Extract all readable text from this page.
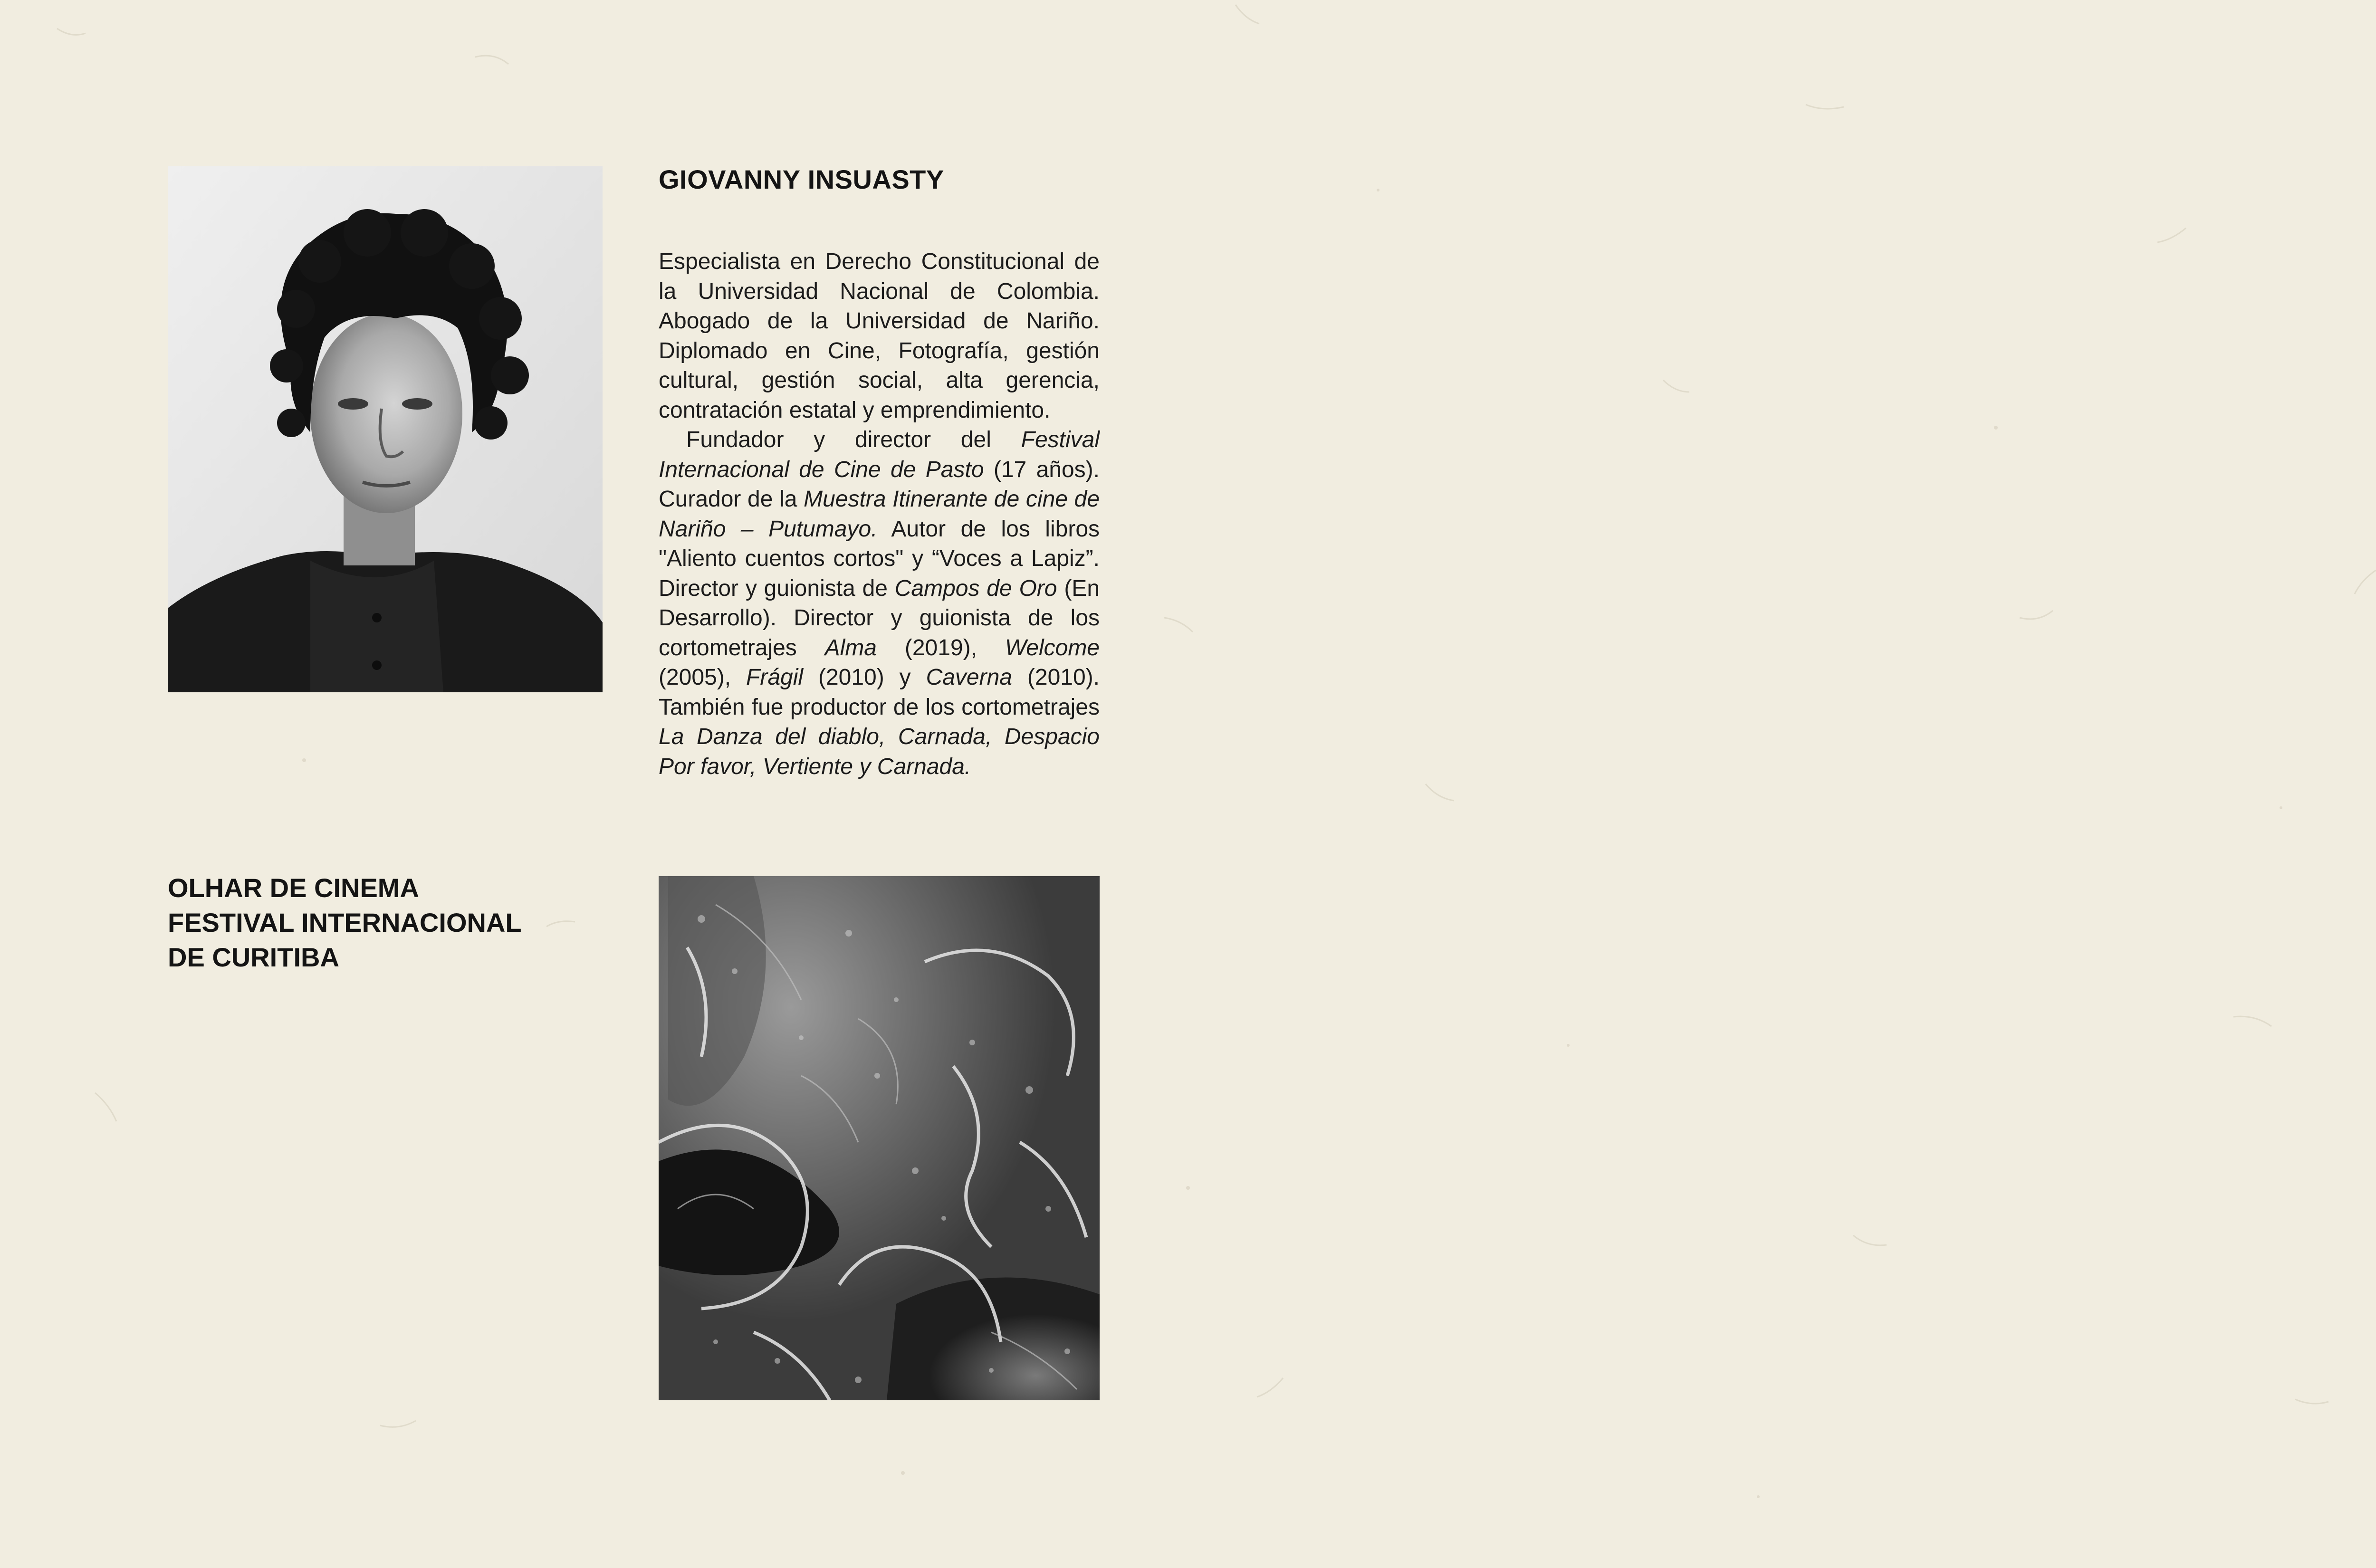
GIOVANNY INSUASTY

Especialista en Derecho Constitucional de la Universidad Nacional de Colombia. Abogado de la Universidad de Nariño. Diplomado en Cine, Fotografía, gestión cultural, gestión social, alta gerencia, contratación estatal y emprendimiento.

Fundador y director del Festival Internacional de Cine de Pasto (17 años). Curador de la Muestra Itinerante de cine de Nariño – Putumayo. Autor de los libros "Aliento cuentos cortos" y “Voces a Lapiz”. Director y guionista de Campos de Oro (En Desarrollo). Director y guionista de los cortometrajes Alma (2019), Welcome (2005), Frágil (2010) y Caverna (2010). También fue productor de los cortometrajes La Danza del diablo, Carnada, Despacio Por favor, Vertiente y Carnada.

OLHAR DE CINEMA
FESTIVAL INTERNACIONAL
DE CURITIBA
